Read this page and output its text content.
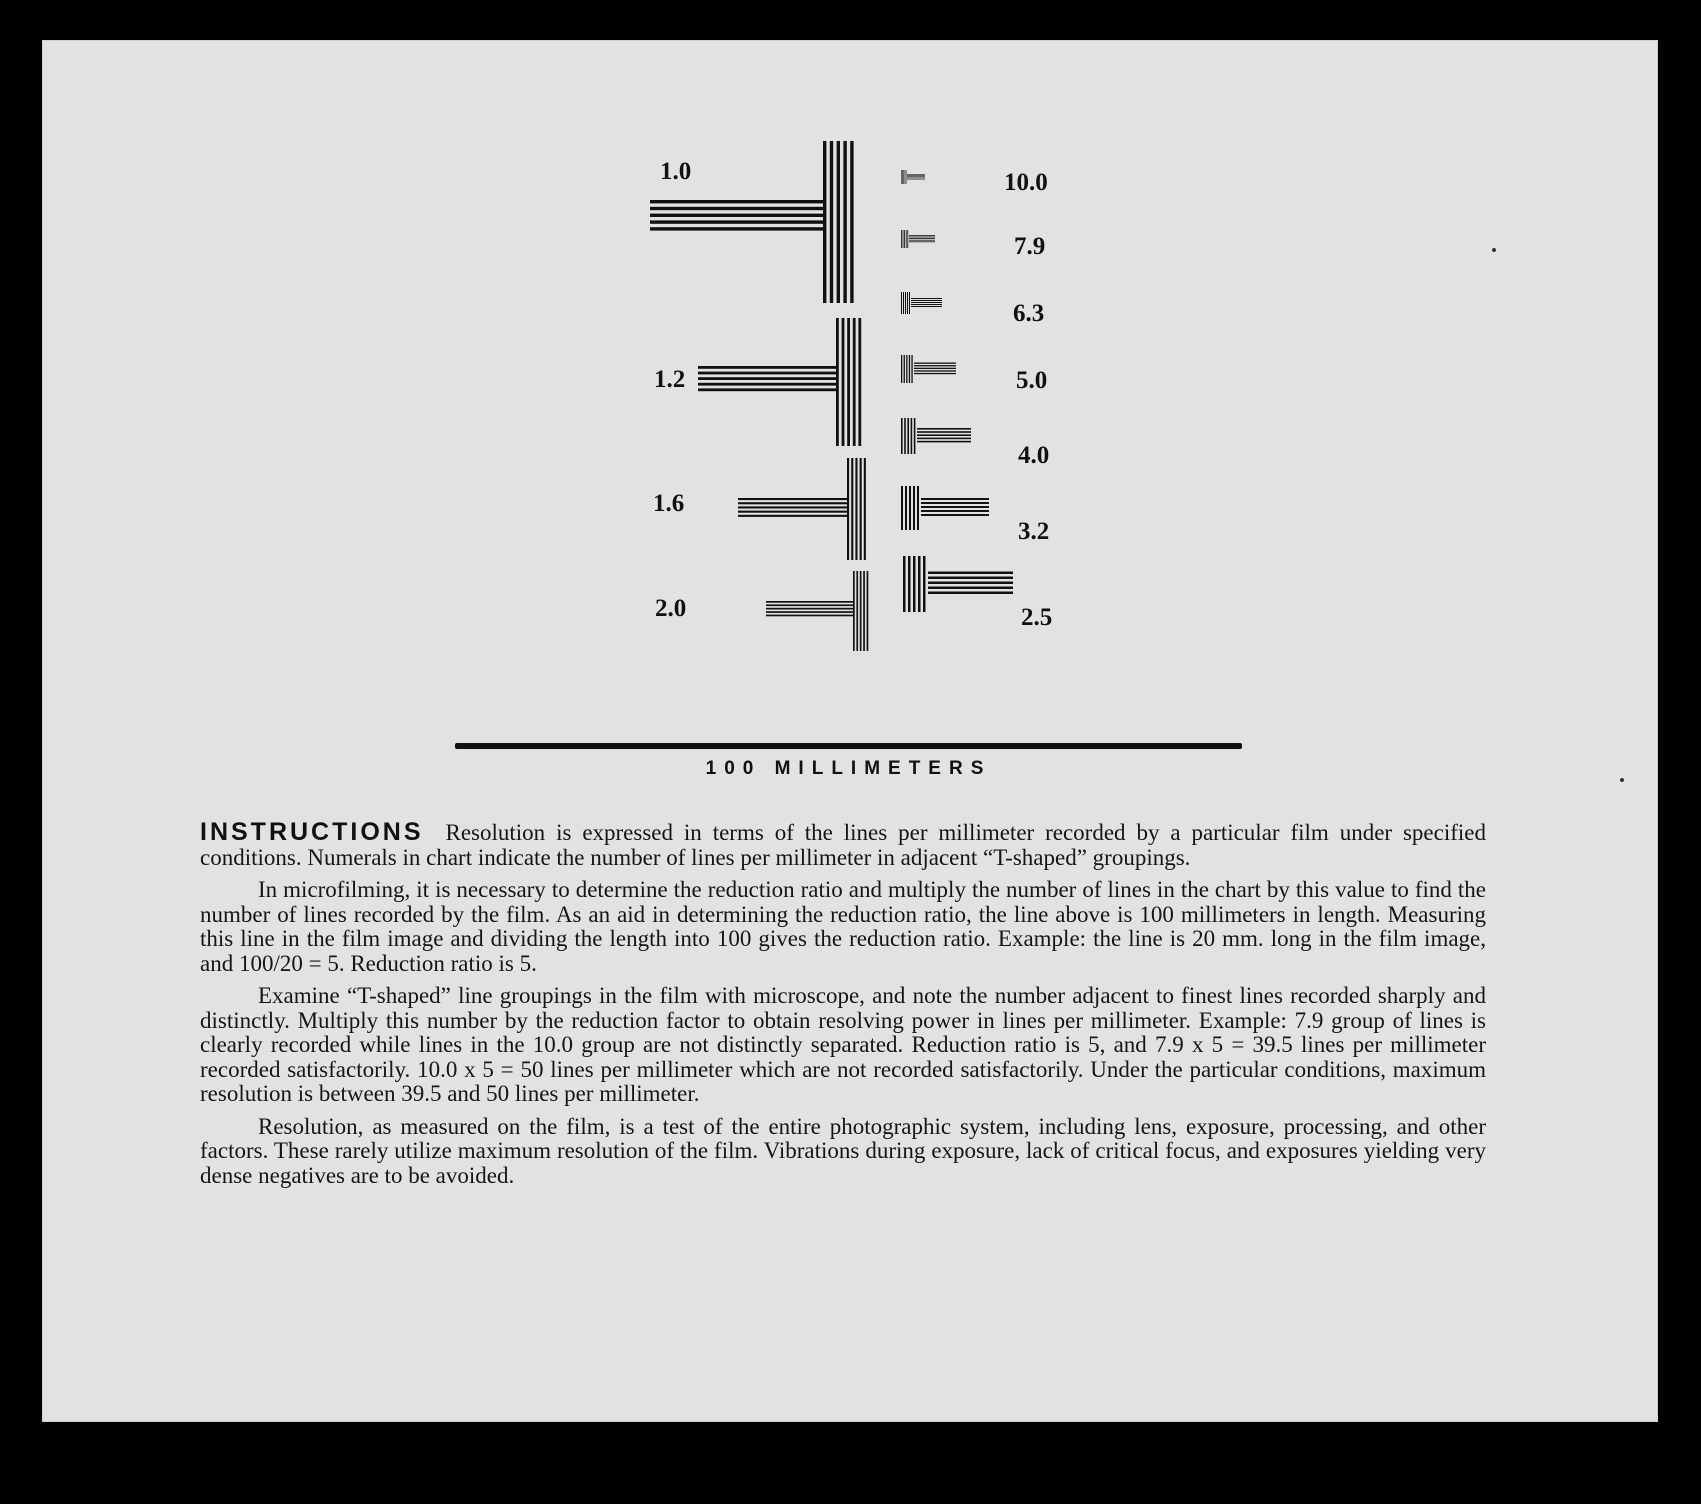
1.0
1.2
1.6
2.0
10.0
7.9
6.3
5.0
4.0
3.2
2.5
100 MILLIMETERS

INSTRUCTIONS Resolution is expressed in terms of the lines per millimeter recorded by a particular film under specified conditions. Numerals in chart indicate the number of lines per millimeter in adjacent “T-shaped” groupings.

In microfilming, it is necessary to determine the reduction ratio and multiply the number of lines in the chart by this value to find the number of lines recorded by the film. As an aid in determining the reduction ratio, the line above is 100 millimeters in length. Measuring this line in the film image and dividing the length into 100 gives the reduction ratio. Example: the line is 20 mm. long in the film image, and 100/20 = 5. Reduction ratio is 5.

Examine “T-shaped” line groupings in the film with microscope, and note the number adjacent to finest lines recorded sharply and distinctly. Multiply this number by the reduction factor to obtain resolving power in lines per millimeter. Example: 7.9 group of lines is clearly recorded while lines in the 10.0 group are not distinctly separated. Reduction ratio is 5, and 7.9 x 5 = 39.5 lines per millimeter recorded satisfactorily. 10.0 x 5 = 50 lines per millimeter which are not recorded satisfactorily. Under the particular conditions, maximum resolution is between 39.5 and 50 lines per millimeter.

Resolution, as measured on the film, is a test of the entire photographic system, including lens, exposure, processing, and other factors. These rarely utilize maximum resolution of the film. Vibrations during exposure, lack of critical focus, and exposures yielding very dense negatives are to be avoided.
